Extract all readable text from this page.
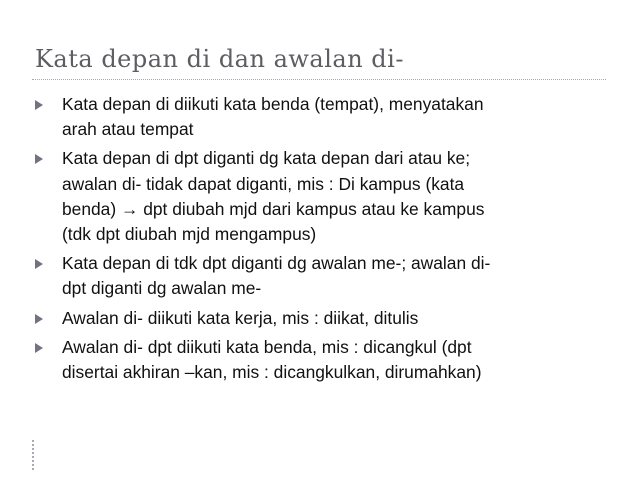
Kata depan di dan awalan di-
Kata depan di diikuti kata benda (tempat), menyatakan
arah atau tempat
Kata depan di dpt diganti dg kata depan dari atau ke;
awalan di- tidak dapat diganti, mis : Di kampus (kata
benda) → dpt diubah mjd dari kampus atau ke kampus
(tdk dpt diubah mjd mengampus)
Kata depan di tdk dpt diganti dg awalan me-; awalan di-
dpt diganti dg awalan me-
Awalan di- diikuti kata kerja, mis : diikat, ditulis
Awalan di- dpt diikuti kata benda, mis : dicangkul (dpt
disertai akhiran –kan, mis : dicangkulkan, dirumahkan)
